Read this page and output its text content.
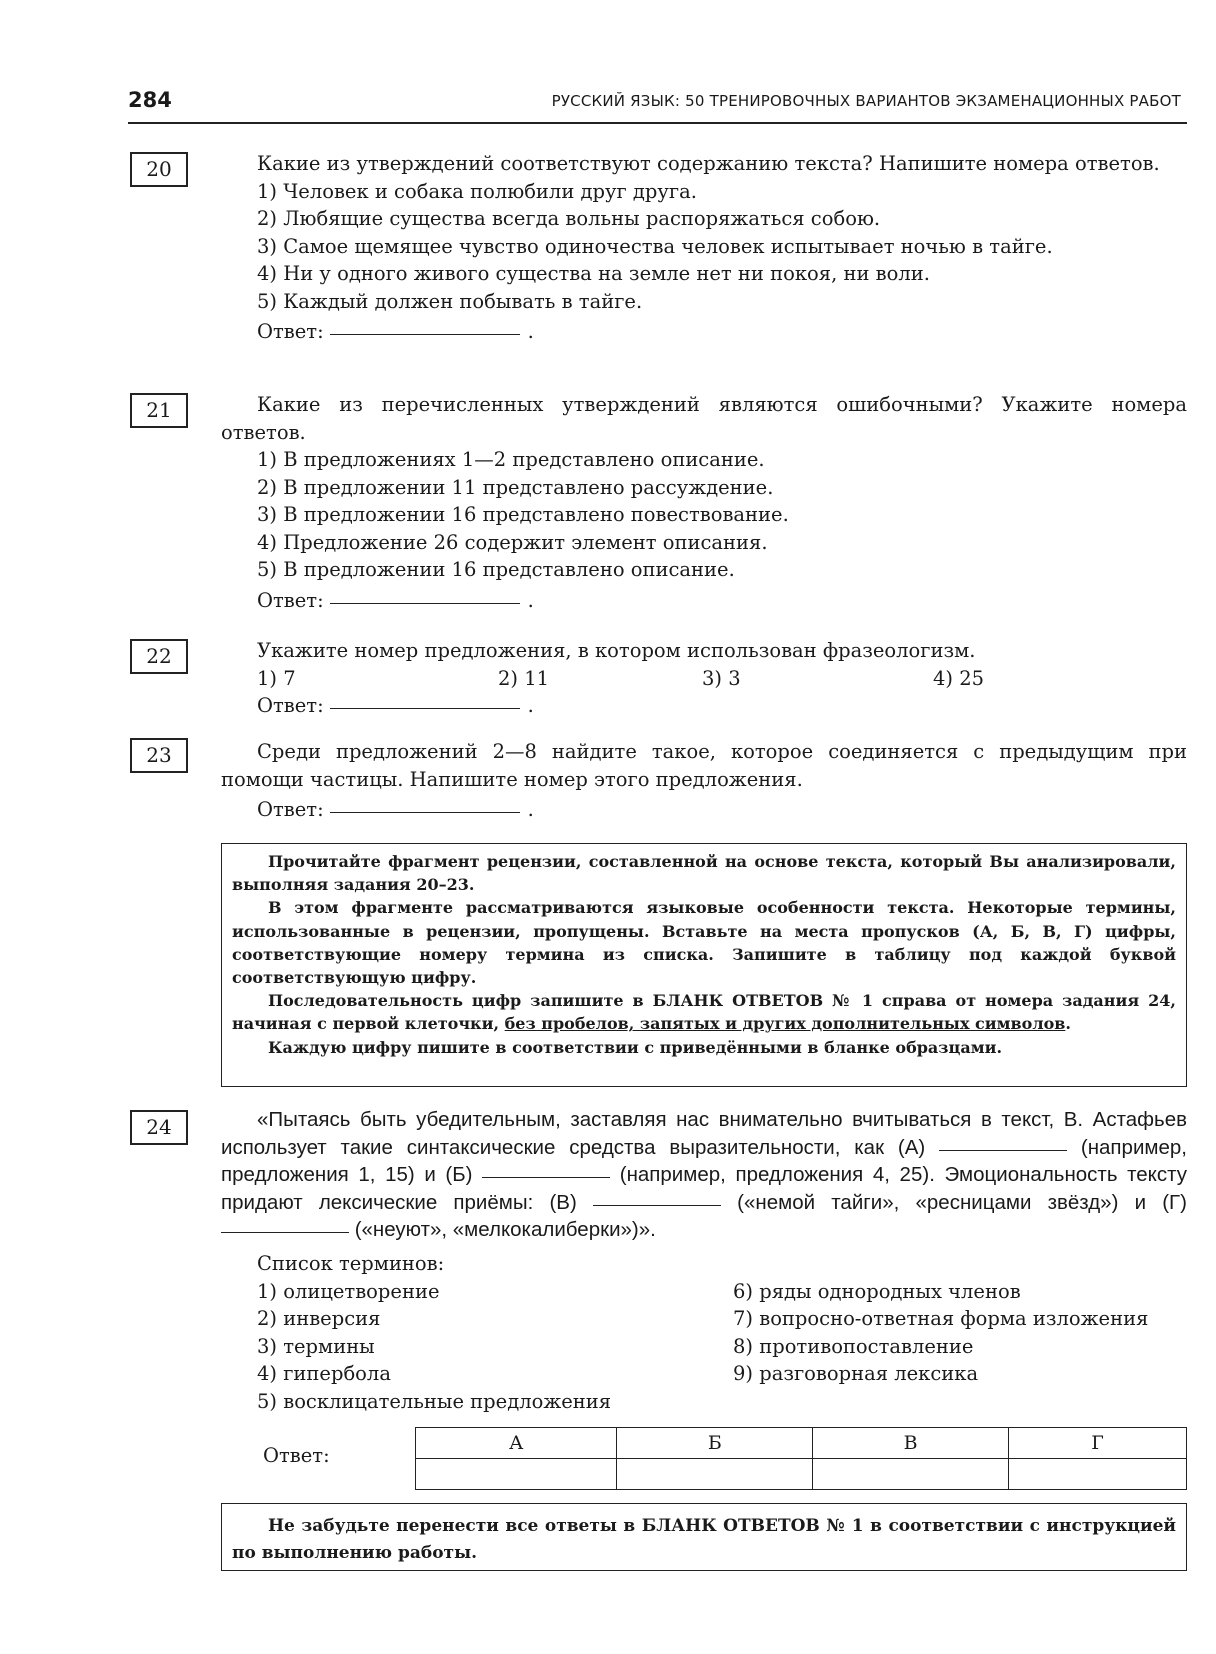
284	РУССКИЙ ЯЗЫК: 50 ТРЕНИРОВОЧНЫХ ВАРИАНТОВ ЭКЗАМЕНАЦИОННЫХ РАБОТ
20	Какие из утверждений соответствуют содержанию текста? Напишите номера ответов.

1) Человек и собака полюбили друг друга.
2) Любящие существа всегда вольны распоряжаться собою.
3) Самое щемящее чувство одиночества человек испытывает ночью в тайге.
4) Ни у одного живого существа на земле нет ни покоя, ни воли.
5) Каждый должен побывать в тайге.
Ответ:	.
21	Какие из перечисленных утверждений являются ошибочными? Укажите номера ответов.

1) В предложениях 1—2 представлено описание.
2) В предложении 11 представлено рассуждение.
3) В предложении 16 представлено повествование.
4) Предложение 26 содержит элемент описания.
5) В предложении 16 представлено описание.
Ответ:	.
22	Укажите номер предложения, в котором использован фразеологизм.

1) 7	2) 11	3) 3	4) 25
Ответ:	.
23	Среди предложений 2—8 найдите такое, которое соединяется с предыдущим при помощи частицы. Напишите номер этого предложения.

Ответ:	.

Прочитайте фрагмент рецензии, составленной на основе текста, который Вы анализировали, выполняя задания 20–23.

В этом фрагменте рассматриваются языковые особенности текста. Некоторые термины, использованные в рецензии, пропущены. Вставьте на места пропусков (А, Б, В, Г) цифры, соответствующие номеру термина из списка. Запишите в таблицу под каждой буквой соответствующую цифру.

Последовательность цифр запишите в БЛАНК ОТВЕТОВ № 1 справа от номера задания 24, начиная с первой клеточки, без пробелов, запятых и других дополнительных символов.

Каждую цифру пишите в соответствии с приведёнными в бланке образцами.

24	«Пытаясь быть убедительным, заставляя нас внимательно вчитываться в текст, В. Астафьев использует такие синтаксические средства выразительности, как (А)	(например, предложения 1, 15) и (Б)	(например, предложения 4, 25). Эмоциональность тексту придают лексические приёмы: (В)	(«немой тайги», «ресницами звёзд») и (Г)  («неуют», «мелкокалиберки»)».

Список терминов:
1) олицетворение
2) инверсия
3) термины
4) гипербола
5) восклицательные предложения
6) ряды однородных членов
7) вопросно-ответная форма изложения
8) противопоставление
9) разговорная лексика
Ответ:
А	Б	В	Г

Не забудьте перенести все ответы в БЛАНК ОТВЕТОВ № 1 в соответствии с инструкцией по выполнению работы.
